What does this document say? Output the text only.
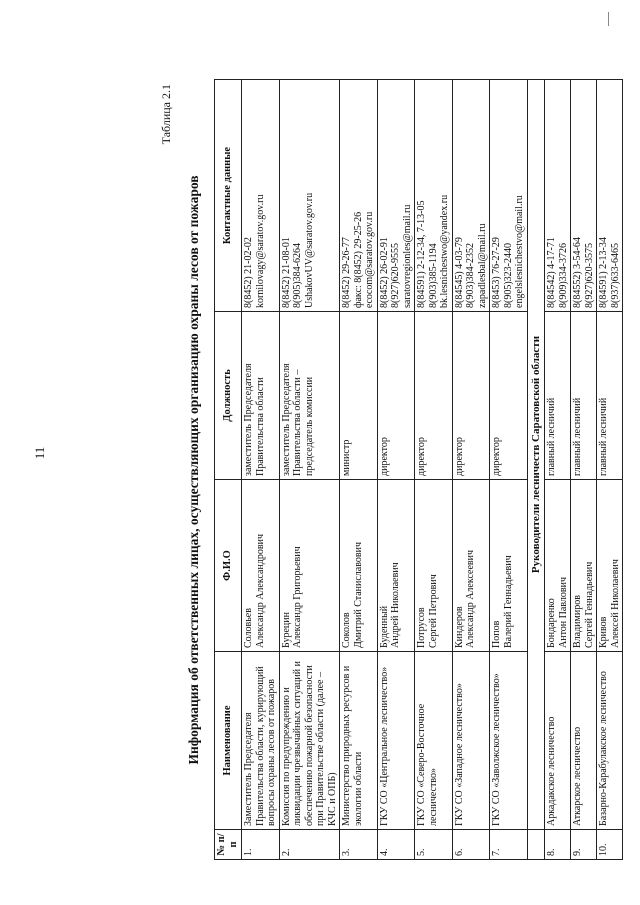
11
Таблица 2.1
Информация об ответственных лицах, осуществляющих организацию охраны лесов от пожаров
№ п/п	Наименование	Ф.И.О	Должность	Контактные данные
1.	Заместитель Председателя Правительства области, курирующий вопросы охраны лесов от пожаров	Соловьев Александр Александрович	заместитель Председателя Правительства области	8(8452) 21-02-02 kornilovagy@saratov.gov.ru

2.	Комиссия по предупреждению и ликвидации чрезвычайных ситуаций и обеспечению пожарной безопасности при Правительстве области (далее – КЧС и ОПБ)	Бурецин Александр Григорьевич	заместитель Председателя Правительства области – председатель комиссии	8(8452) 21-08-01 8(905)384-6264 UshakovUV@saratov.gov.ru

3.	Министерство природных ресурсов и экологии области	Соколов Дмитрий Станиславович	министр	8(8452) 29-26-77 факс: 8(8452) 29-25-26 ecocom@saratov.gov.ru

4.	ГКУ СО «Центральное лесничество»	Буденный Андрей Николаевич	директор	8(8452) 26-02-91 8(927)620-9555 saratovregionles@mail.ru

5.	ГКУ СО «Северо-Восточное лесничество»	Потрусов Сергей Петрович	директор	8(84591) 2-12-34, 7-13-05 8(903)385-1194 bk.lesnichestwo@yandex.ru

6.	ГКУ СО «Западное лесничество»	Киндеров Александр Алексеевич	директор	8(84545) 4-03-79 8(903)384-2352 zapadlesbal@mail.ru

7.	ГКУ СО «Заволжское лесничество»	Попов Валерий Геннадьевич	директор	8(8453) 76-27-29 8(905)323-2440 engelslesnichestvo@mail.ru

	Руководители лесничеств Саратовской области			
8.	Аркадакское лесничество	Бондаренко Антон Павлович	главный лесничий	8(84542) 4-17-71 8(909)334-3726

9.	Аткарское лесничество	Владимиров Сергей Геннадьевич	главный лесничий	8(84552) 3-54-64 8(927)620-3575

10.	Базарно-Карабулакское лесничество	Кривов Алексей Николаевич	главный лесничий	8(84591) 2-13-34 8(937)633-6465
